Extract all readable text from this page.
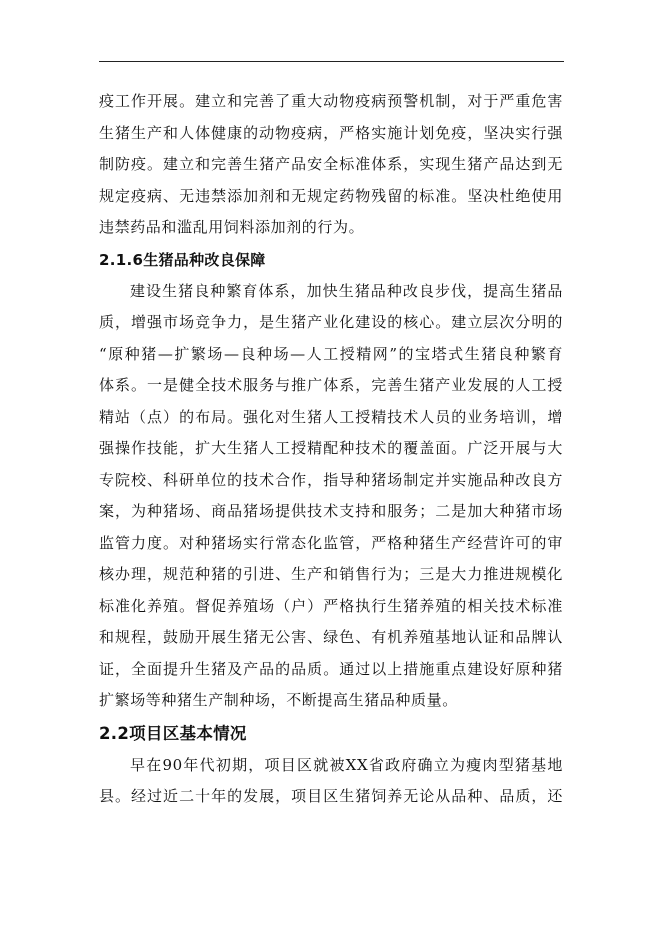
疫工作开展。建立和完善了重大动物疫病预警机制，对于严重危害
生猪生产和人体健康的动物疫病，严格实施计划免疫，坚决实行强
制防疫。建立和完善生猪产品安全标准体系，实现生猪产品达到无
规定疫病、无违禁添加剂和无规定药物残留的标准。坚决杜绝使用
违禁药品和滥乱用饲料添加剂的行为。

2.1.6生猪品种改良保障

建设生猪良种繁育体系，加快生猪品种改良步伐，提高生猪品
质，增强市场竞争力，是生猪产业化建设的核心。建立层次分明的
“原种猪—扩繁场—良种场—人工授精网”的宝塔式生猪良种繁育
体系。一是健全技术服务与推广体系，完善生猪产业发展的人工授
精站（点）的布局。强化对生猪人工授精技术人员的业务培训，增
强操作技能，扩大生猪人工授精配种技术的覆盖面。广泛开展与大
专院校、科研单位的技术合作，指导种猪场制定并实施品种改良方
案，为种猪场、商品猪场提供技术支持和服务；二是加大种猪市场
监管力度。对种猪场实行常态化监管，严格种猪生产经营许可的审
核办理，规范种猪的引进、生产和销售行为；三是大力推进规模化
标准化养殖。督促养殖场（户）严格执行生猪养殖的相关技术标准
和规程，鼓励开展生猪无公害、绿色、有机养殖基地认证和品牌认
证，全面提升生猪及产品的品质。通过以上措施重点建设好原种猪
扩繁场等种猪生产制种场，不断提高生猪品种质量。

2.2项目区基本情况

早在90年代初期，项目区就被XX省政府确立为瘦肉型猪基地
县。经过近二十年的发展，项目区生猪饲养无论从品种、品质，还
